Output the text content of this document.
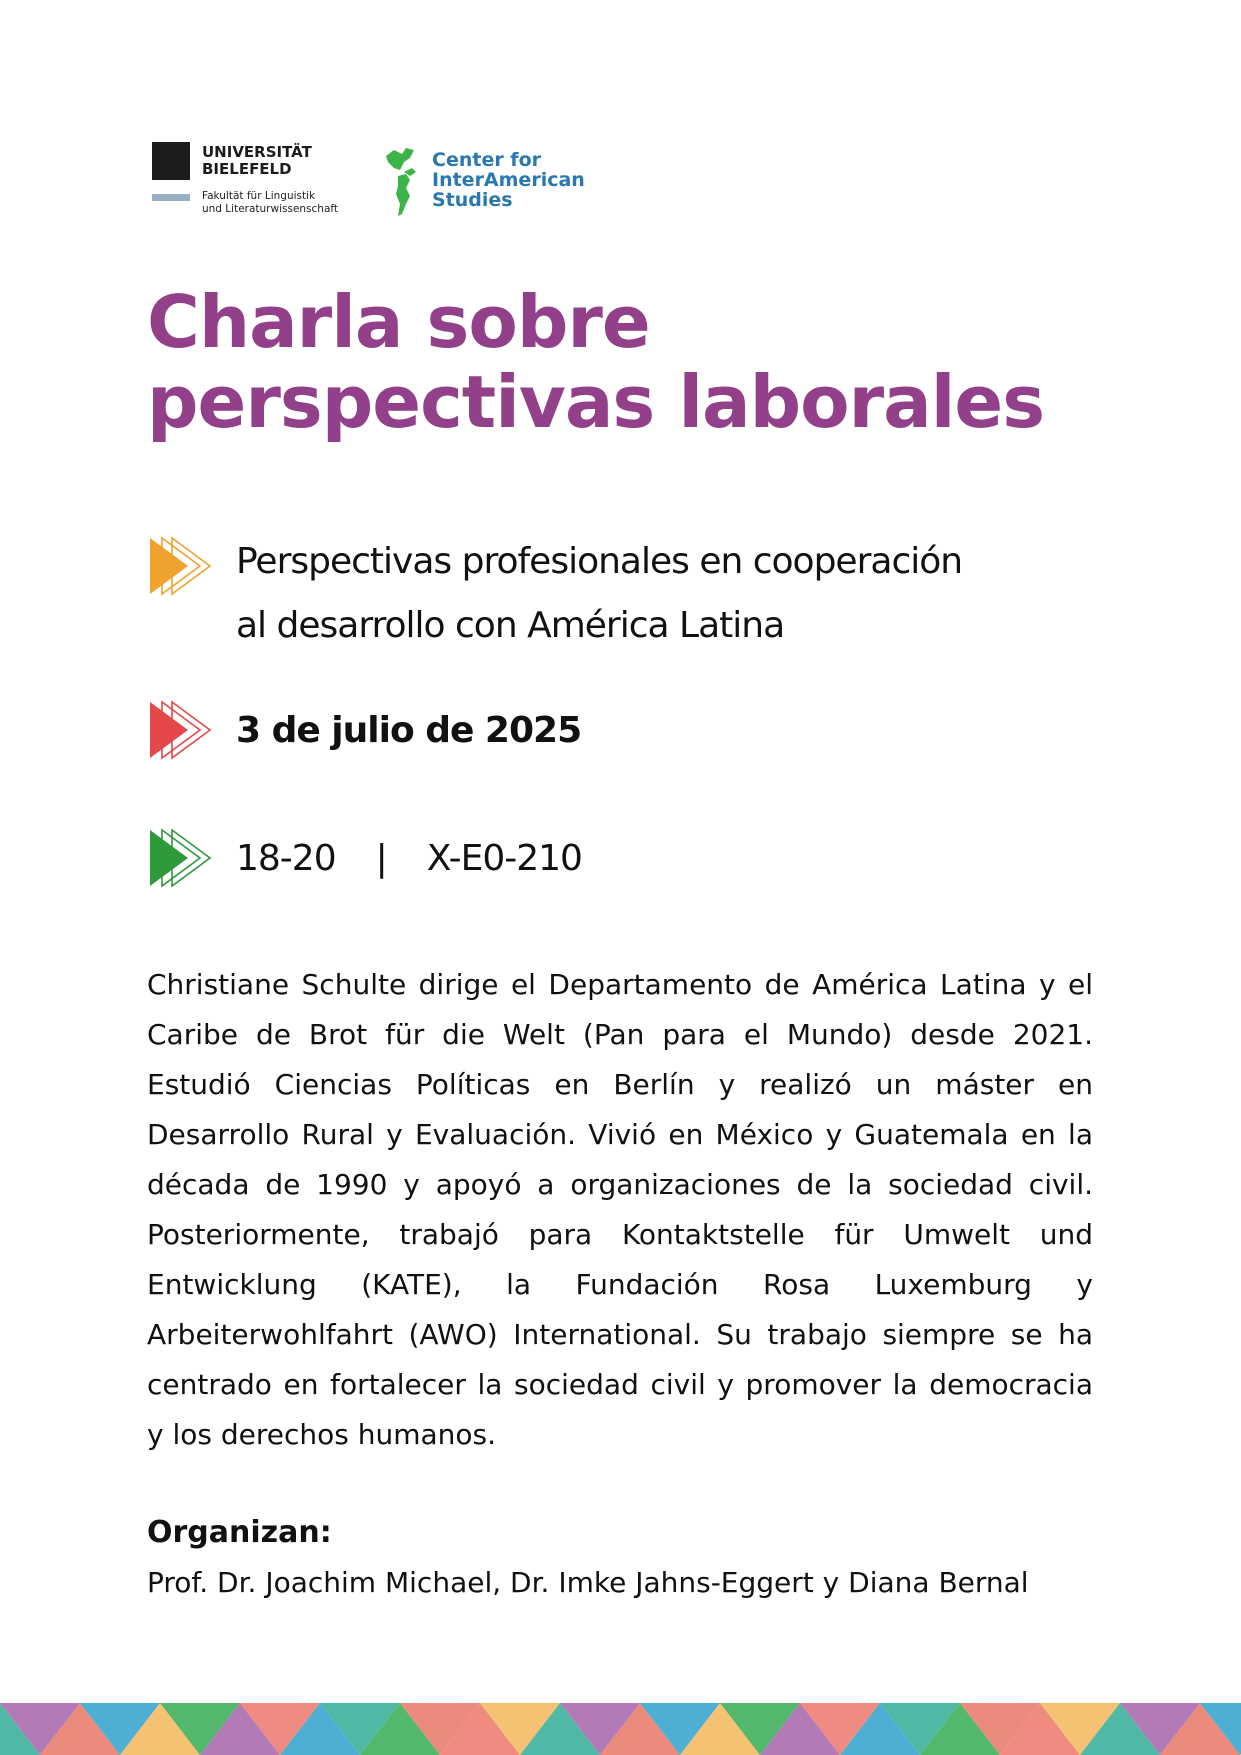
UNIVERSITÄT
BIELEFELD
Fakultät für Linguistik
und Literaturwissenschaft
Center for
InterAmerican
Studies
Charla sobre
perspectivas laborales
Perspectivas profesionales en cooperación
al desarrollo con América Latina
3 de julio de 2025
18-20 | X-E0-210

Christiane Schulte dirige el Departamento de América Latina y el Caribe de Brot für die Welt (Pan para el Mundo) desde 2021. Estudió Ciencias Políticas en Berlín y realizó un máster en Desarrollo Rural y Evaluación. Vivió en México y Guatemala en la década de 1990 y apoyó a organizaciones de la sociedad civil. Posteriormente, trabajó para Kontaktstelle für Umwelt und Entwicklung (KATE), la Fundación Rosa Luxemburg y Arbeiterwohlfahrt (AWO) International. Su trabajo siempre se ha centrado en fortalecer la sociedad civil y promover la democracia y los derechos humanos.

Organizan:
Prof. Dr. Joachim Michael, Dr. Imke Jahns-Eggert y Diana Bernal
